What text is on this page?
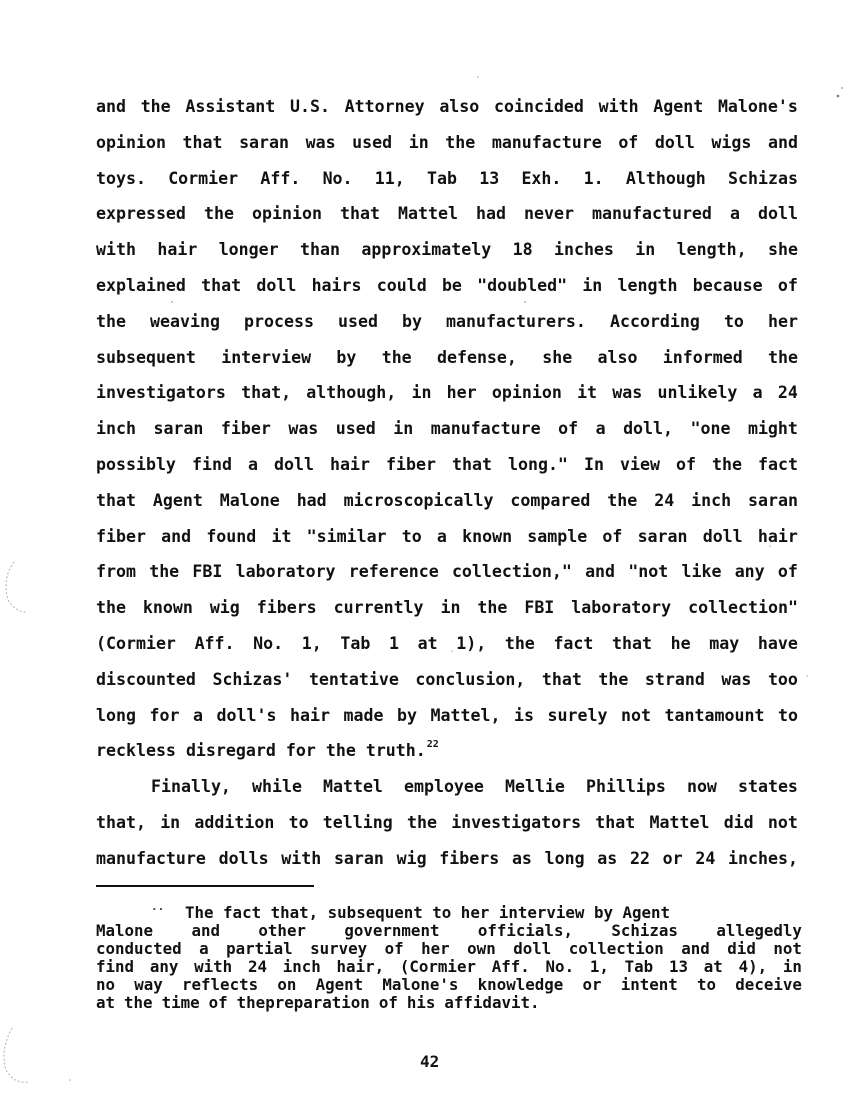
and the Assistant U.S. Attorney also coincided with Agent Malone's
opinion that saran was used in the manufacture of doll wigs and
toys. Cormier Aff. No. 11, Tab 13 Exh. 1. Although Schizas
expressed the opinion that Mattel had never manufactured a doll
with hair longer than approximately 18 inches in length, she
explained that doll hairs could be "doubled" in length because of
the weaving process used by manufacturers. According to her
subsequent interview by the defense, she also informed the
investigators that, although, in her opinion it was unlikely a 24
inch saran fiber was used in manufacture of a doll, "one might
possibly find a doll hair fiber that long." In view of the fact
that Agent Malone had microscopically compared the 24 inch saran
fiber and found it "similar to a known sample of saran doll hair
from the FBI laboratory reference collection," and "not like any of
the known wig fibers currently in the FBI laboratory collection"
(Cormier Aff. No. 1, Tab 1 at 1), the fact that he may have
discounted Schizas' tentative conclusion, that the strand was too
long for a doll's hair made by Mattel, is surely not tantamount to
reckless disregard for the truth.$^{22}$
Finally, while Mattel employee Mellie Phillips now states
that, in addition to telling the investigators that Mattel did not
manufacture dolls with saran wig fibers as long as 22 or 24 inches,
·· The fact that, subsequent to her interview by Agent
Malone and other government officials, Schizas allegedly
conducted a partial survey of her own doll collection and did not
find any with 24 inch hair, (Cormier Aff. No. 1, Tab 13 at 4), in
no way reflects on Agent Malone's knowledge or intent to deceive
at the time of thepreparation of his affidavit.
42
